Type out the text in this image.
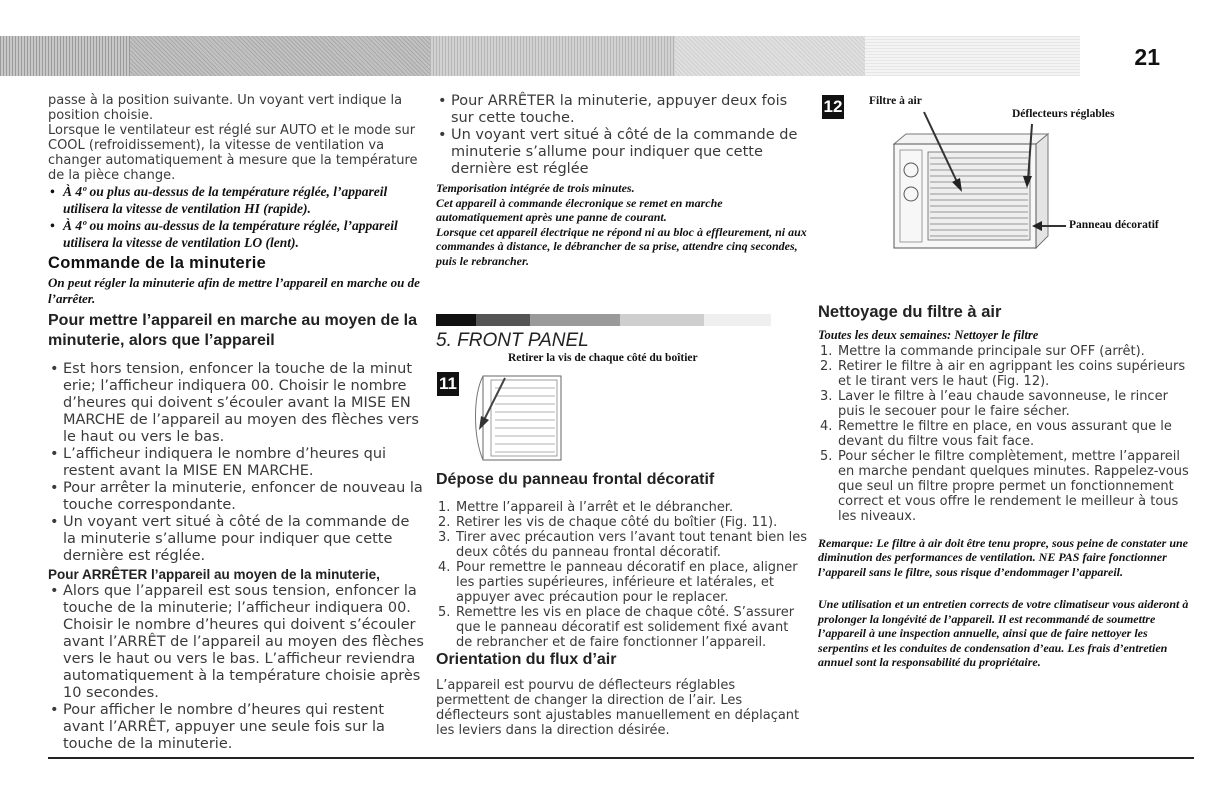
21

passe à la position suivante. Un voyant vert indique la position choisie.

Lorsque le ventilateur est réglé sur AUTO et le mode sur COOL (refroidissement), la vitesse de ventilation va changer automatiquement à mesure que la température de la pièce change.

• À 4º ou plus au-dessus de la température réglée, l’appareil utilisera la vitesse de ventilation HI (rapide).
• À 4º ou moins au-dessus de la température réglée, l’appareil utilisera la vitesse de ventilation LO (lent).
Commande de la minuterie

On peut régler la minuterie afin de mettre l’appareil en marche ou de l’arrêter.

Pour mettre l’appareil en marche au moyen de la minuterie, alors que l’appareil
• Est hors tension, enfoncer la touche de la minut erie; l’afficheur indiquera 00. Choisir le nombre d’heures qui doivent s’écouler avant la MISE EN MARCHE de l’appareil au moyen des flèches vers le haut ou vers le bas.
• L’afficheur indiquera le nombre d’heures qui restent avant la MISE EN MARCHE.
• Pour arrêter la minuterie, enfoncer de nouveau la touche correspondante.
• Un voyant vert situé à côté de la commande de la minuterie s’allume pour indiquer que cette dernière est réglée.
Pour ARRÊTER l’appareil au moyen de la minuterie,
• Alors que l’appareil est sous tension, enfoncer la touche de la minuterie; l’afficheur indiquera 00. Choisir le nombre d’heures qui doivent s’écouler avant l’ARRÊT de l’appareil au moyen des flèches vers le haut ou vers le bas. L’afficheur reviendra automatiquement à la température choisie après 10 secondes.
• Pour afficher le nombre d’heures qui restent avant l’ARRÊT, appuyer une seule fois sur la touche de la minuterie.
• Pour ARRÊTER la minuterie, appuyer deux fois sur cette touche.
• Un voyant vert situé à côté de la commande de minuterie s’allume pour indiquer que cette dernière est réglée

Temporisation intégrée de trois minutes.

Cet appareil à commande élecronique se remet en marche automatiquement après une panne de courant.

Lorsque cet appareil électrique ne répond ni au bloc à effleurement, ni aux commandes à distance, le débrancher de sa prise, attendre cinq secondes, puis le rebrancher.

5. FRONT PANEL
11
Retirer la vis de chaque côté du boîtier
Dépose du panneau frontal décoratif
1. Mettre l’appareil à l’arrêt et le débrancher.
2. Retirer les vis de chaque côté du boîtier (Fig. 11).
3. Tirer avec précaution vers l’avant tout tenant bien les deux côtés du panneau frontal décoratif.
4. Pour remettre le panneau décoratif en place, aligner les parties supérieures, inférieure et latérales, et appuyer avec précaution pour le replacer.
5. Remettre les vis en place de chaque côté. S’assurer que le panneau décoratif est solidement fixé avant de rebrancher et de faire fonctionner l’appareil.
Orientation du flux d’air

L’appareil est pourvu de déflecteurs réglables permettent de changer la direction de l’air. Les déflecteurs sont ajustables manuellement en déplaçant les leviers dans la direction désirée.

12 Filtre à air
Déflecteurs réglables
Panneau décoratif
Nettoyage du filtre à air

Toutes les deux semaines: Nettoyer le filtre

1. Mettre la commande principale sur OFF (arrêt).
2. Retirer le filtre à air en agrippant les coins supérieurs et le tirant vers le haut (Fig. 12).
3. Laver le filtre à l’eau chaude savonneuse, le rincer puis le secouer pour le faire sécher.
4. Remettre le filtre en place, en vous assurant que le devant du filtre vous fait face.
5. Pour sécher le filtre complètement, mettre l’appareil en marche pendant quelques minutes. Rappelez-vous que seul un filtre propre permet un fonctionnement correct et vous offre le rendement le meilleur à tous les niveaux.

Remarque: Le filtre à air doit être tenu propre, sous peine de constater une diminution des performances de ventilation. NE PAS faire fonctionner l’appareil sans le filtre, sous risque d’endommager l’appareil.

Une utilisation et un entretien corrects de votre climatiseur vous aideront à prolonger la longévité de l’appareil. Il est recommandé de soumettre l’appareil à une inspection annuelle, ainsi que de faire nettoyer les serpentins et les conduites de condensation d’eau. Les frais d’entretien annuel sont la responsabilité du propriétaire.
